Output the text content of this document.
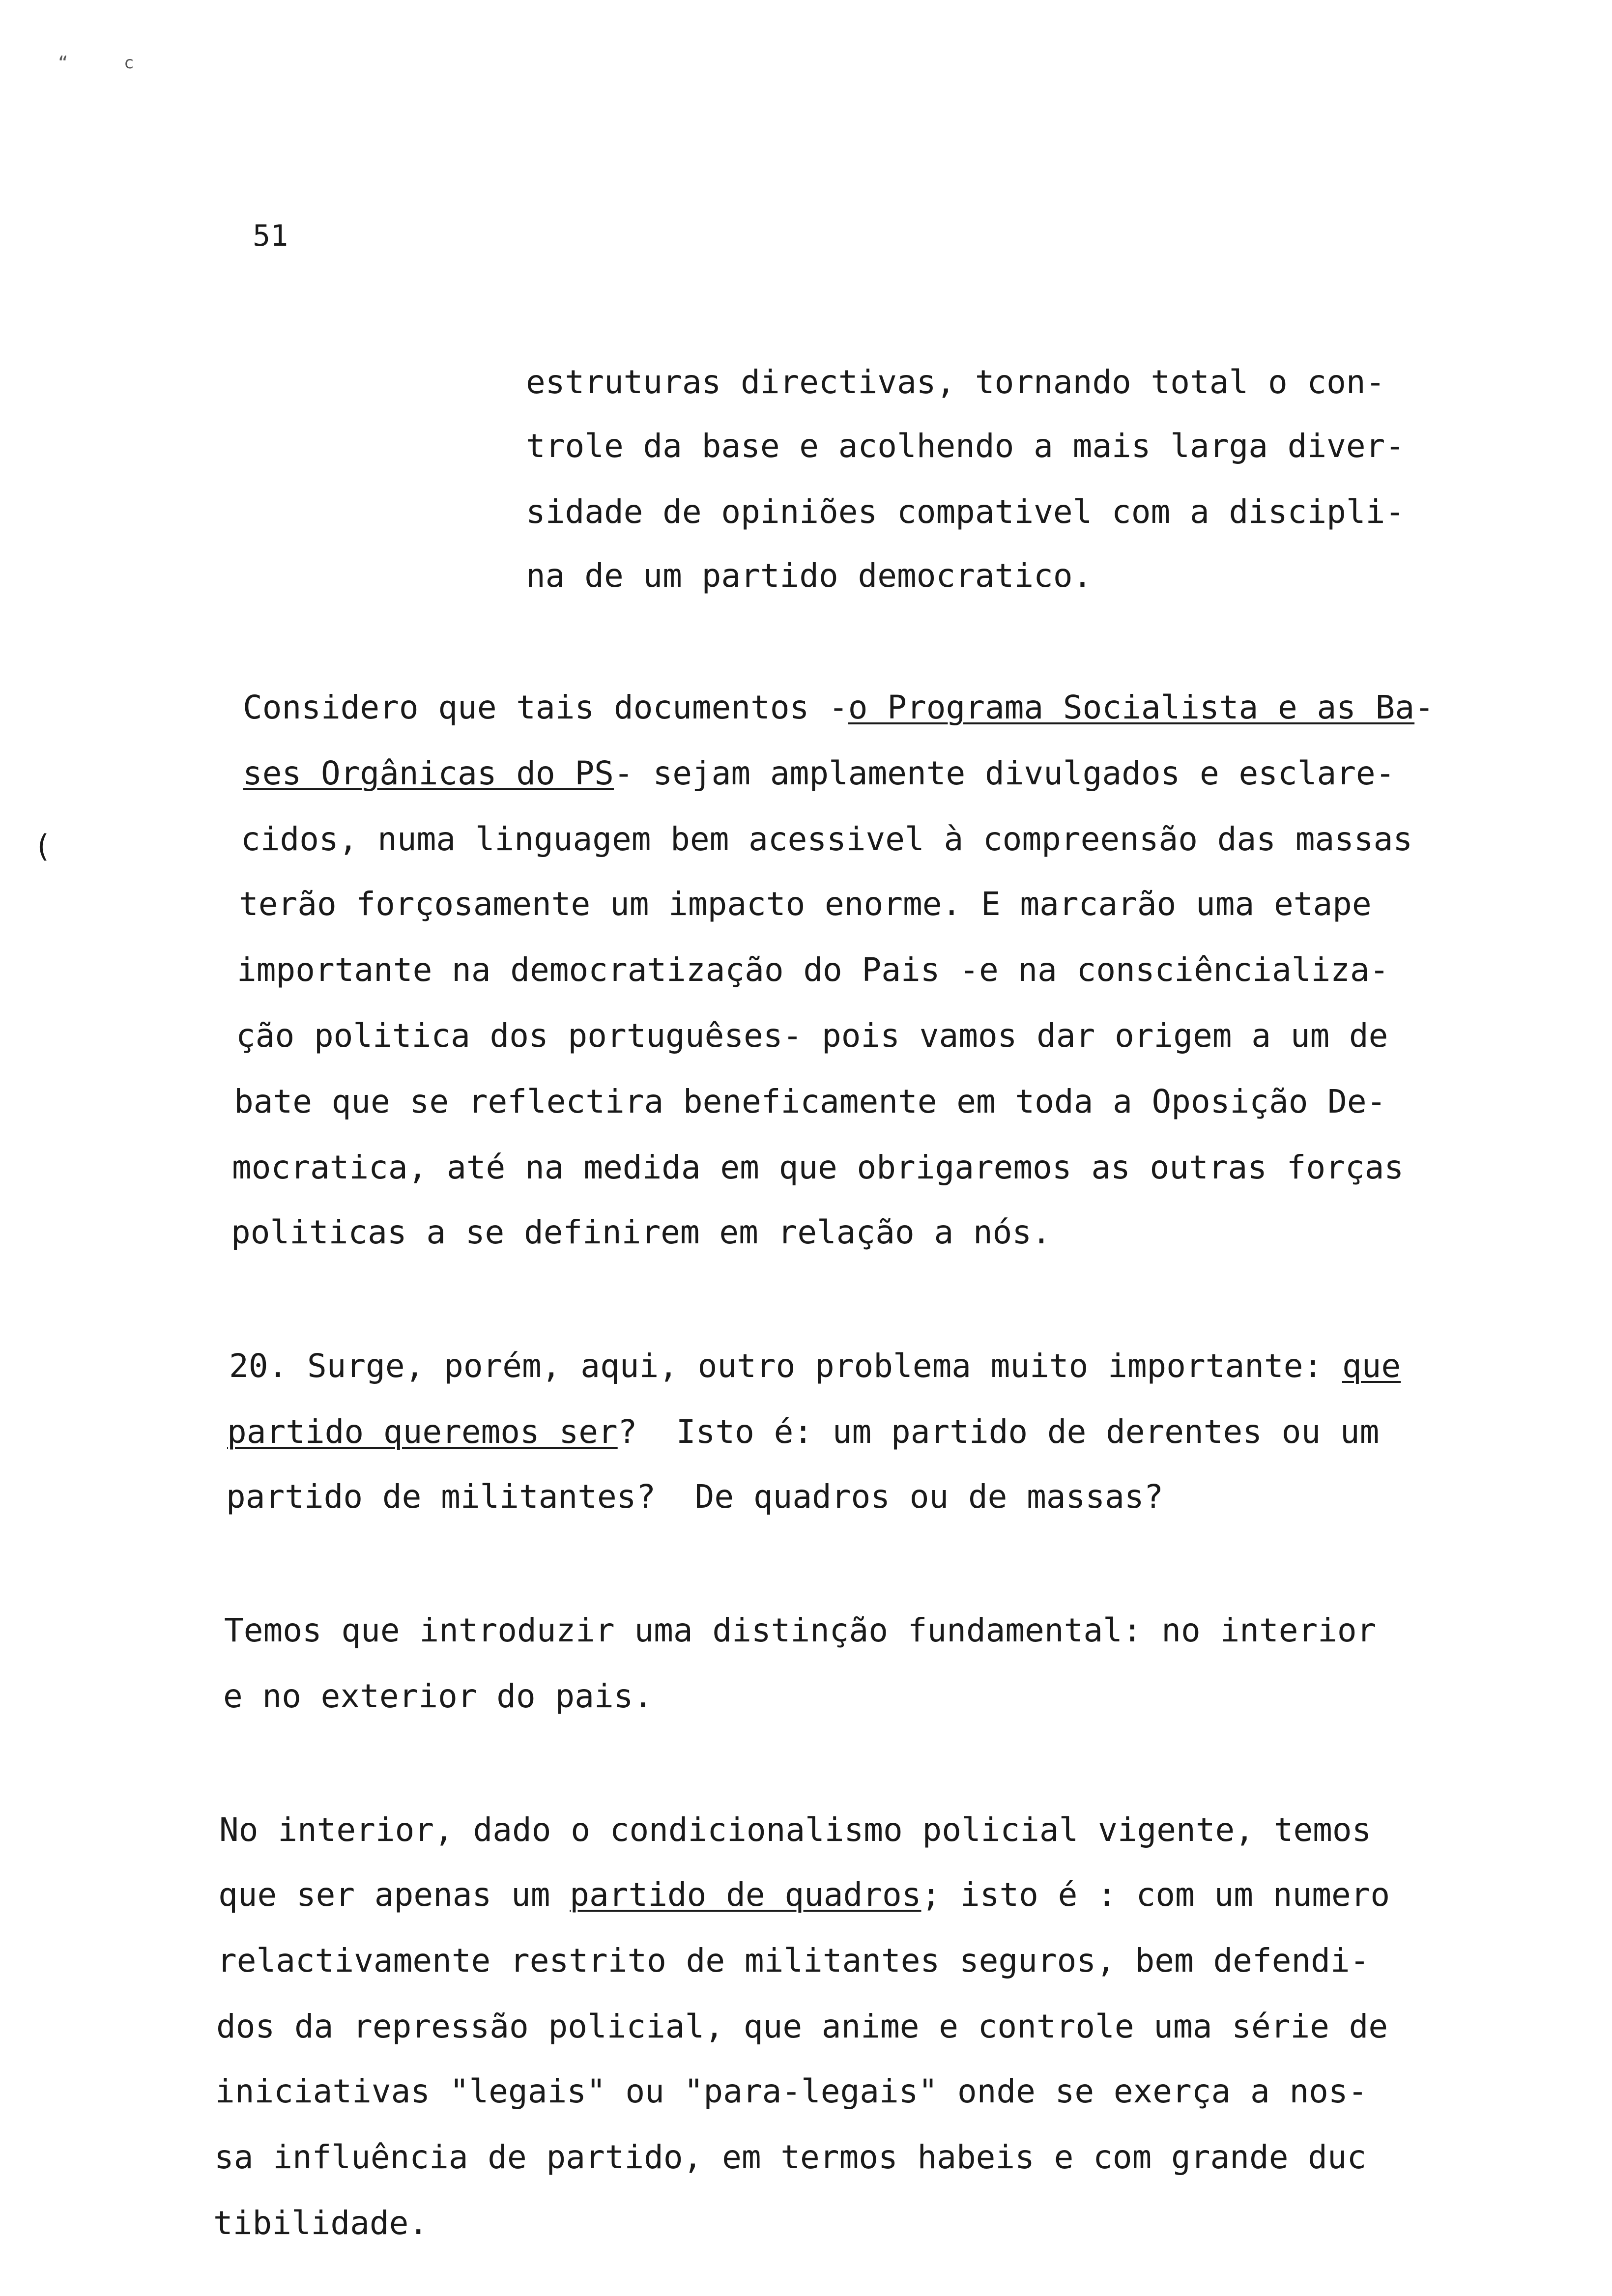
“	c
(
51
estruturas directivas, tornando total o con-
trole da base e acolhendo a mais larga diver-
sidade de opiniões compativel com a discipli-
na de um partido democratico.
Considero que tais documentos -o Programa Socialista e as Ba-
ses Orgânicas do PS- sejam amplamente divulgados e esclare-
cidos, numa linguagem bem acessivel à compreensão das massas
terão forçosamente um impacto enorme. E marcarão uma etape
importante na democratização do Pais -e na consciêncializa-
ção politica dos portuguêses- pois vamos dar origem a um de
bate que se reflectira beneficamente em toda a Oposição De-
mocratica, até na medida em que obrigaremos as outras forças
politicas a se definirem em relação a nós.
20. Surge, porém, aqui, outro problema muito importante: que
partido queremos ser?  Isto é: um partido de derentes ou um
partido de militantes?  De quadros ou de massas?
Temos que introduzir uma distinção fundamental: no interior
e no exterior do pais.
No interior, dado o condicionalismo policial vigente, temos
que ser apenas um partido de quadros; isto é : com um numero
relactivamente restrito de militantes seguros, bem defendi-
dos da repressão policial, que anime e controle uma série de
iniciativas "legais" ou "para-legais" onde se exerça a nos-
sa influência de partido, em termos habeis e com grande duc
tibilidade.
